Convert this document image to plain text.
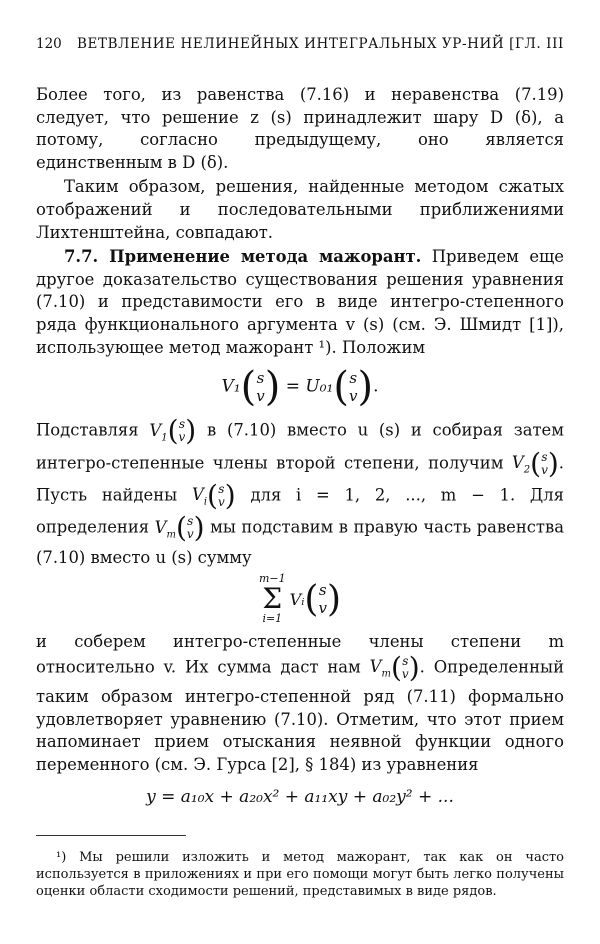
120 ВЕТВЛЕНИЕ НЕЛИНЕЙНЫХ ИНТЕГРАЛЬНЫХ УР-НИЙ [ГЛ. III

Более того, из равенства (7.16) и неравенства (7.19) следует, что решение z (s) принадлежит шару D (δ), а потому, согласно предыдущему, оно является единственным в D (δ).

Таким образом, решения, найденные методом сжатых отображений и последовательными приближениями Лихтенштейна, совпадают.

7.7. Применение метода мажорант. Приведем еще другое доказательство существования решения уравнения (7.10) и представимости его в виде интегро-степенного ряда функционального аргумента v (s) (см. Э. Шмидт [1]), использующее метод мажорант ¹). Положим

V₁( s
v ) = U₀₁( s
v ).

Подставляя $V_1$( s
v ) в (7.10) вместо u (s) и собирая затем интегро-степенные члены второй степени, получим $V_2$( s
v ). Пусть найдены $V_i$( s
v ) для i = 1, 2, ..., m − 1. Для определения $V_m$( s
v ) мы подставим в правую часть равенства (7.10) вместо u (s) сумму

m−1
Σ
i=1
Vᵢ ( s
v )

и соберем интегро-степенные члены степени m относительно v. Их сумма даст нам $V_m$( s
v ). Определенный таким образом интегро-степенной ряд (7.11) формально удовлетворяет уравнению (7.10). Отметим, что этот прием напоминает прием отыскания неявной функции одного переменного (см. Э. Гурса [2], § 184) из уравнения

y = a₁₀x + a₂₀x² + a₁₁xy + a₀₂y² + ...

¹) Мы решили изложить и метод мажорант, так как он часто используется в приложениях и при его помощи могут быть легко получены оценки области сходимости решений, представимых в виде рядов.
